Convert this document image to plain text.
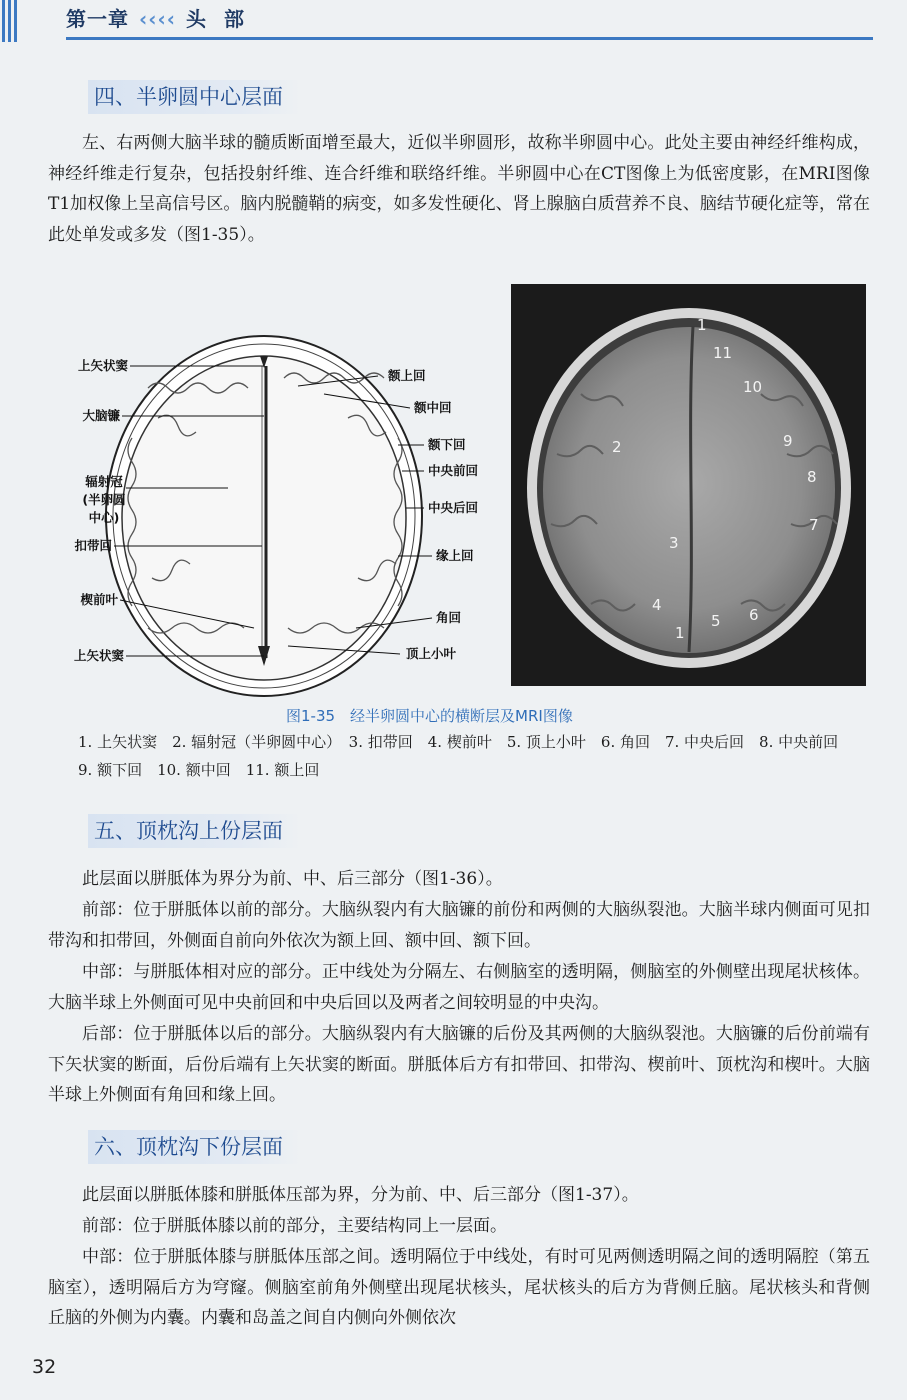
第一章 ‹‹‹‹ 头部
四、半卵圆中心层面

左、右两侧大脑半球的髓质断面增至最大，近似半卵圆形，故称半卵圆中心。此处主要由神经纤维构成，神经纤维走行复杂，包括投射纤维、连合纤维和联络纤维。半卵圆中心在CT图像上为低密度影，在MRI图像T1加权像上呈高信号区。脑内脱髓鞘的病变，如多发性硬化、肾上腺脑白质营养不良、脑结节硬化症等，常在此处单发或多发（图1-35）。

上矢状窦
大脑镰
辐射冠
(半卵圆
中心)
扣带回
楔前叶
上矢状窦
额上回
额中回
额下回
中央前回
中央后回
缘上回
角回
顶上小叶
1
11
10
2	9
8
7
3
4
5 6
1
图1-35　经半卵圆中心的横断层及MRI图像

1. 上矢状窦　2. 辐射冠（半卵圆中心）　3. 扣带回　4. 楔前叶　5. 顶上小叶　6. 角回　7. 中央后回　8. 中央前回　9. 额下回　10. 额中回　11. 额上回

五、顶枕沟上份层面

此层面以胼胝体为界分为前、中、后三部分（图1-36）。

前部：位于胼胝体以前的部分。大脑纵裂内有大脑镰的前份和两侧的大脑纵裂池。大脑半球内侧面可见扣带沟和扣带回，外侧面自前向外依次为额上回、额中回、额下回。

中部：与胼胝体相对应的部分。正中线处为分隔左、右侧脑室的透明隔，侧脑室的外侧壁出现尾状核体。大脑半球上外侧面可见中央前回和中央后回以及两者之间较明显的中央沟。

后部：位于胼胝体以后的部分。大脑纵裂内有大脑镰的后份及其两侧的大脑纵裂池。大脑镰的后份前端有下矢状窦的断面，后份后端有上矢状窦的断面。胼胝体后方有扣带回、扣带沟、楔前叶、顶枕沟和楔叶。大脑半球上外侧面有角回和缘上回。

六、顶枕沟下份层面

此层面以胼胝体膝和胼胝体压部为界，分为前、中、后三部分（图1-37）。

前部：位于胼胝体膝以前的部分，主要结构同上一层面。

中部：位于胼胝体膝与胼胝体压部之间。透明隔位于中线处，有时可见两侧透明隔之间的透明隔腔（第五脑室），透明隔后方为穹窿。侧脑室前角外侧壁出现尾状核头，尾状核头的后方为背侧丘脑。尾状核头和背侧丘脑的外侧为内囊。内囊和岛盖之间自内侧向外侧依次

32
